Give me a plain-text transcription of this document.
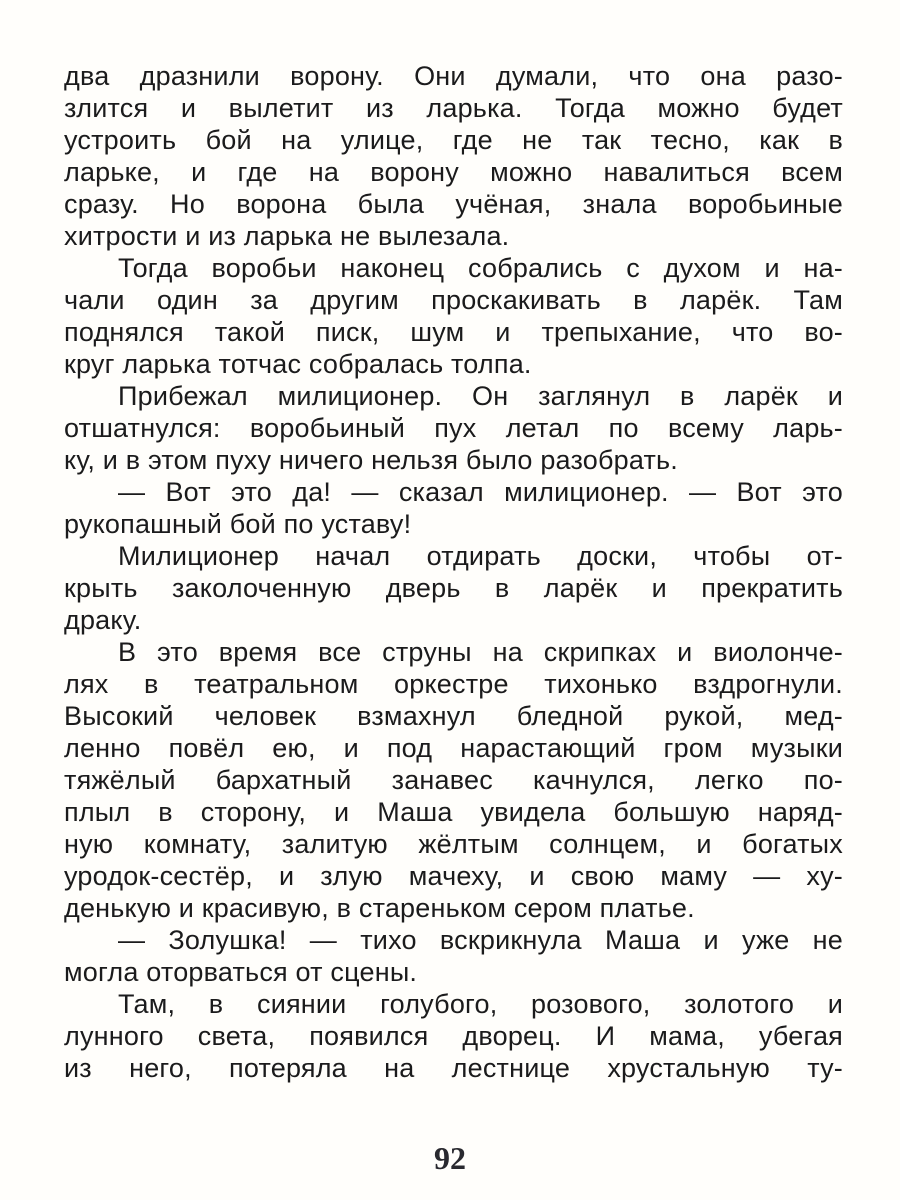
два дразнили ворону. Они думали, что она разо-
злится и вылетит из ларька. Тогда можно будет
устроить бой на улице, где не так тесно, как в
ларьке, и где на ворону можно навалиться всем
сразу. Но ворона была учёная, знала воробьиные
хитрости и из ларька не вылезала.
Тогда воробьи наконец собрались с духом и на-
чали один за другим проскакивать в ларёк. Там
поднялся такой писк, шум и трепыхание, что во-
круг ларька тотчас собралась толпа.
Прибежал милиционер. Он заглянул в ларёк и
отшатнулся: воробьиный пух летал по всему ларь-
ку, и в этом пуху ничего нельзя было разобрать.
— Вот это да! — сказал милиционер. — Вот это
рукопашный бой по уставу!
Милиционер начал отдирать доски, чтобы от-
крыть заколоченную дверь в ларёк и прекратить
драку.
В это время все струны на скрипках и виолонче-
лях в театральном оркестре тихонько вздрогнули.
Высокий человек взмахнул бледной рукой, мед-
ленно повёл ею, и под нарастающий гром музыки
тяжёлый бархатный занавес качнулся, легко по-
плыл в сторону, и Маша увидела большую наряд-
ную комнату, залитую жёлтым солнцем, и богатых
уродок-сестёр, и злую мачеху, и свою маму — ху-
денькую и красивую, в стареньком сером платье.
— Золушка! — тихо вскрикнула Маша и уже не
могла оторваться от сцены.
Там, в сиянии голубого, розового, золотого и
лунного света, появился дворец. И мама, убегая
из него, потеряла на лестнице хрустальную ту-
92
